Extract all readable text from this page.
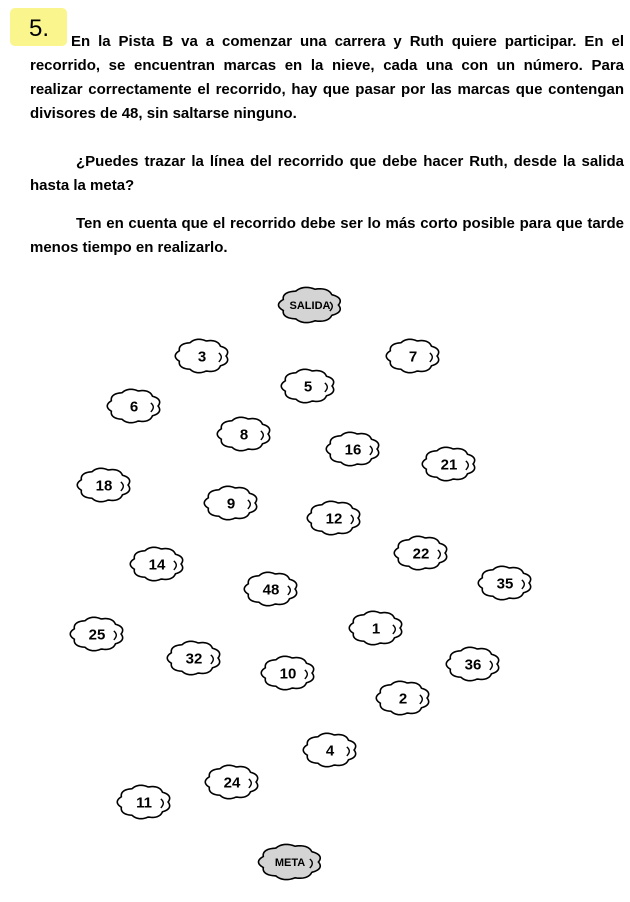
5.	En la Pista B va a comenzar una carrera y Ruth quiere participar. En el recorrido, se encuentran marcas en la nieve, cada una con un número. Para realizar correctamente el recorrido, hay que pasar por las marcas que contengan divisores de 48, sin saltarse ninguno.

¿Puedes trazar la línea del recorrido que debe hacer Ruth, desde la salida hasta la meta?

Ten en cuenta que el recorrido debe ser lo más corto posible para que tarde menos tiempo en realizarlo.

SALIDA
3	7
5
6
8
16
21
18
9
12
22
14
48	35
1
25
32
10
36
2
4
24
11
META
